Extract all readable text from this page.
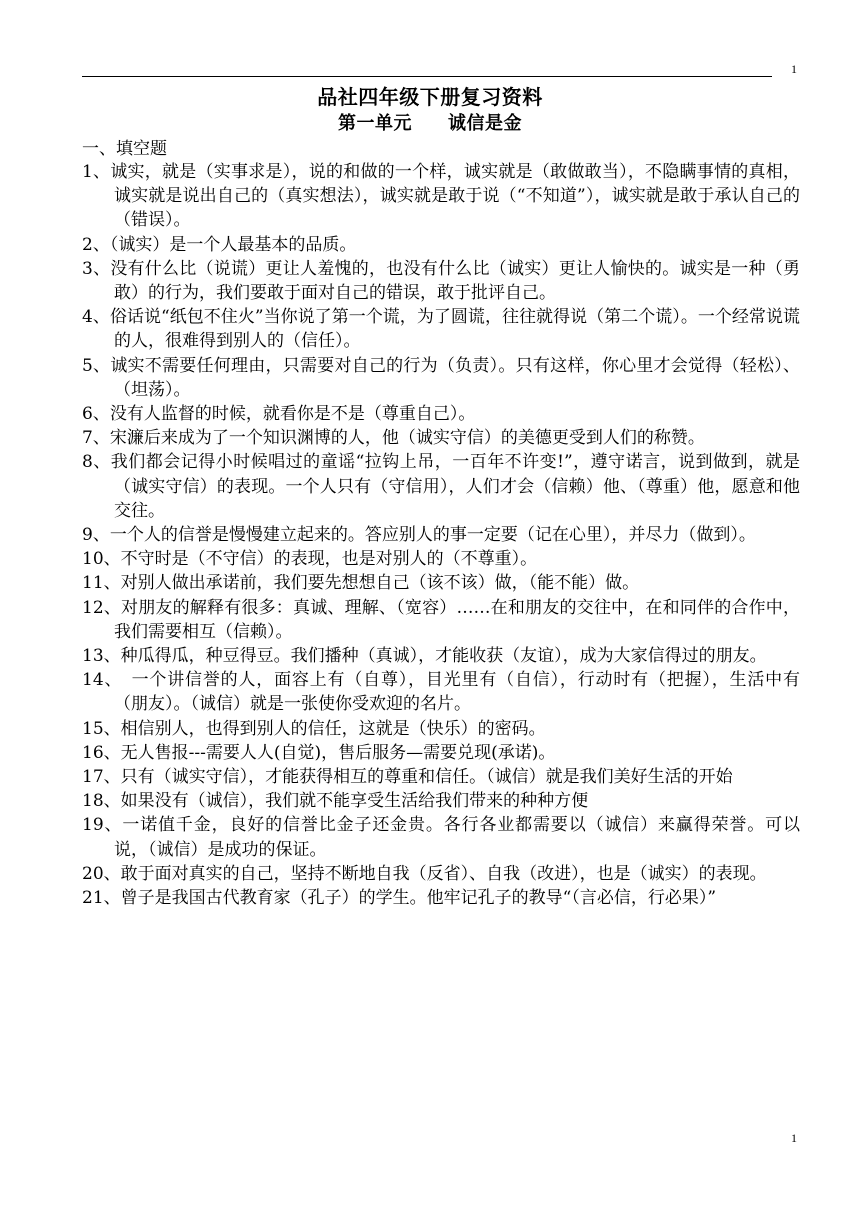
1
品社四年级下册复习资料
第一单元 诚信是金
一、填空题
1、诚实，就是（实事求是），说的和做的一个样，诚实就是（敢做敢当），不隐瞒事情的真相，诚实就是说出自己的（真实想法），诚实就是敢于说（“不知道”），诚实就是敢于承认自己的（错误）。
2、（诚实）是一个人最基本的品质。
3、没有什么比（说谎）更让人羞愧的，也没有什么比（诚实）更让人愉快的。诚实是一种（勇敢）的行为，我们要敢于面对自己的错误，敢于批评自己。
4、俗话说“纸包不住火”当你说了第一个谎，为了圆谎，往往就得说（第二个谎）。一个经常说谎的人，很难得到别人的（信任）。
5、诚实不需要任何理由，只需要对自己的行为（负责）。只有这样，你心里才会觉得（轻松）、（坦荡）。
6、没有人监督的时候，就看你是不是（尊重自己）。
7、宋濂后来成为了一个知识渊博的人，他（诚实守信）的美德更受到人们的称赞。
8、我们都会记得小时候唱过的童谣“拉钩上吊，一百年不许变!”，遵守诺言，说到做到，就是（诚实守信）的表现。一个人只有（守信用），人们才会（信赖）他、（尊重）他，愿意和他交往。
9、一个人的信誉是慢慢建立起来的。答应别人的事一定要（记在心里），并尽力（做到）。
10、不守时是（不守信）的表现，也是对别人的（不尊重）。
11、对别人做出承诺前，我们要先想想自己（该不该）做，（能不能）做。
12、对朋友的解释有很多：真诚、理解、（宽容）……在和朋友的交往中，在和同伴的合作中，我们需要相互（信赖）。
13、种瓜得瓜，种豆得豆。我们播种（真诚），才能收获（友谊），成为大家信得过的朋友。
14、　一个讲信誉的人，面容上有（自尊），目光里有（自信），行动时有（把握），生活中有（朋友）。（诚信）就是一张使你受欢迎的名片。
15、相信别人，也得到别人的信任，这就是（快乐）的密码。
16、无人售报---需要人人(自觉)，售后服务—需要兑现(承诺)。
17、只有（诚实守信），才能获得相互的尊重和信任。（诚信）就是我们美好生活的开始
18、如果没有（诚信），我们就不能享受生活给我们带来的种种方便
19、一诺值千金，良好的信誉比金子还金贵。各行各业都需要以（诚信）来赢得荣誉。可以说，（诚信）是成功的保证。
20、敢于面对真实的自己，坚持不断地自我（反省）、自我（改进），也是（诚实）的表现。
21、曾子是我国古代教育家（孔子）的学生。他牢记孔子的教导“（言必信，行必果）”
1
